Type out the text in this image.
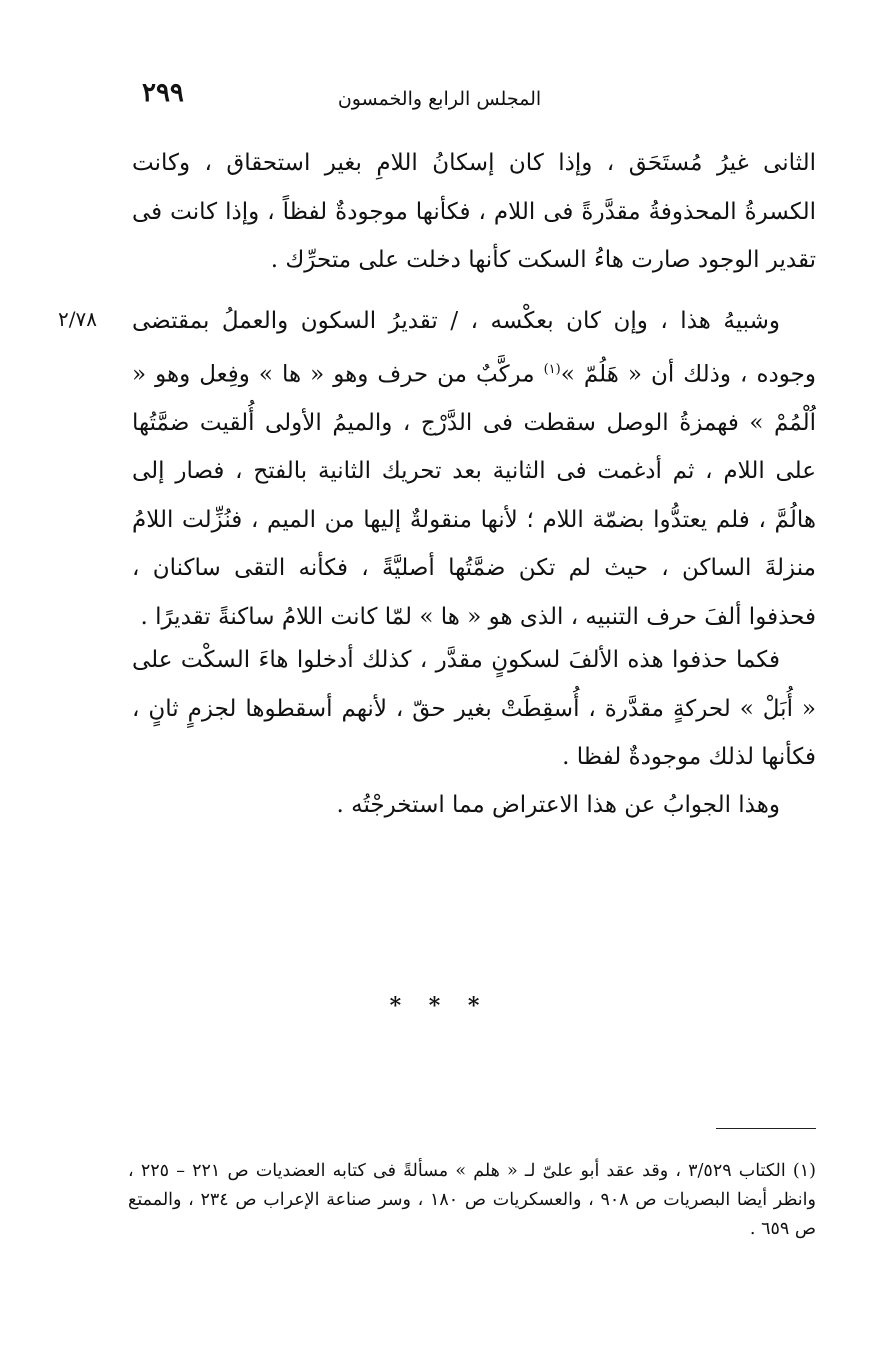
٢٩٩	المجلس الرابع والخمسون
الثانى غيرُ مُستَحَق ، وإذا كان إسكانُ اللامِ بغير استحقاق ، وكانت الكسرةُ المحذوفةُ مقدَّرةً فى اللام ، فكأنها موجودةٌ لفظاً ، وإذا كانت فى تقدير الوجود صارت هاءُ السكت كأنها دخلت على متحرِّك .
٢/٧٨ وشبيهُ هذا ، وإن كان بعكْسه ، / تقديرُ السكون والعملُ بمقتضى وجوده ، وذلك أن « هَلُمّ »$^{(١)}$ مركَّبٌ من حرف وهو « ها » وفِعل وهو « اُلْمُمْ » فهمزةُ الوصل سقطت فى الدَّرْج ، والميمُ الأولى أُلقيت ضمَّتُها على اللام ، ثم أدغمت فى الثانية بعد تحريك الثانية بالفتح ، فصار إلى هالُمَّ ، فلم يعتدُّوا بضمّة اللام ؛ لأنها منقولةٌ إليها من الميم ، فنُزِّلت اللامُ منزلةَ الساكن ، حيث لم تكن ضمَّتُها أصليَّةً ، فكأنه التقى ساكنان ، فحذفوا ألفَ حرف التنبيه ، الذى هو « ها » لمّا كانت اللامُ ساكنةً تقديرًا .
فكما حذفوا هذه الألفَ لسكونٍ مقدَّر ، كذلك أدخلوا هاءَ السكْت على « أُبَلْ » لحركةٍ مقدَّرة ، أُسقِطَتْ بغير حقّ ، لأنهم أسقطوها لجزمٍ ثانٍ ، فكأنها لذلك موجودةٌ لفظا .
وهذا الجوابُ عن هذا الاعتراض مما استخرجْتُه .
* * *
(١) الكتاب ٣/٥٢٩ ، وقد عقد أبو علىّ لـ « هلم » مسألةً فى كتابه العضديات ص ٢٢١ – ٢٢٥ ، وانظر أيضا البصريات ص ٩٠٨ ، والعسكريات ص ١٨٠ ، وسر صناعة الإعراب ص ٢٣٤ ، والممتع ص ٦٥٩ .
